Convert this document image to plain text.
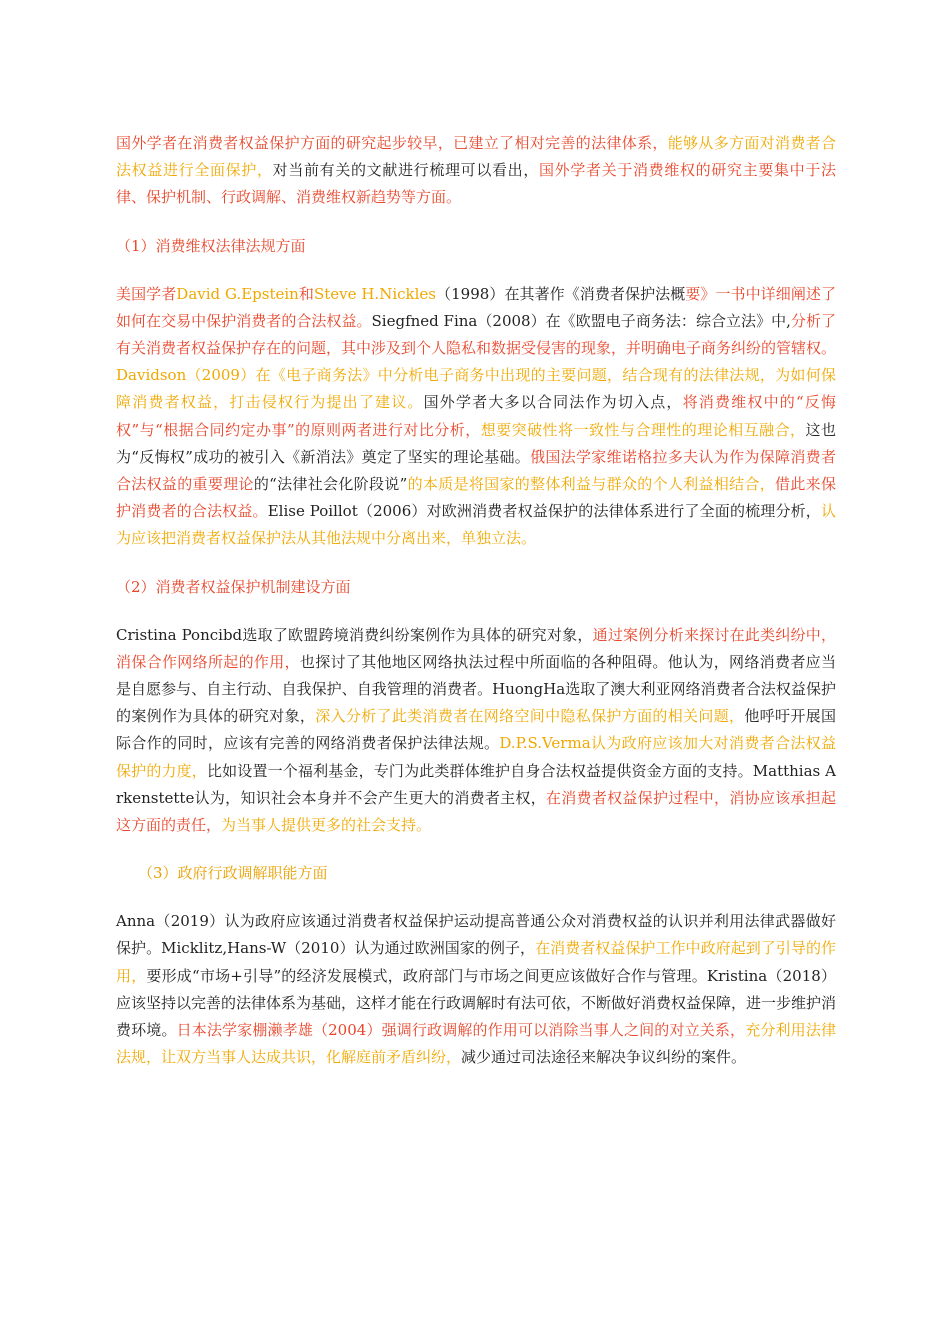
国外学者在消费者权益保护方面的研究起步较早，已建立了相对完善的法律体系，能够从多方面对消费者合法权益进行全面保护，对当前有关的文献进行梳理可以看出，国外学者关于消费维权的研究主要集中于法律、保护机制、行政调解、消费维权新趋势等方面。

（1）消费维权法律法规方面

美国学者David G.Epstein和Steve H.Nickles（1998）在其著作《消费者保护法概要》一书中详细阐述了如何在交易中保护消费者的合法权益。Siegfned Fina（2008）在《欧盟电子商务法：综合立法》中,分析了有关消费者权益保护存在的问题，其中涉及到个人隐私和数据受侵害的现象，并明确电子商务纠纷的管辖权。Davidson（2009）在《电子商务法》中分析电子商务中出现的主要问题，结合现有的法律法规，为如何保障消费者权益，打击侵权行为提出了建议。国外学者大多以合同法作为切入点，将消费维权中的“反悔权”与“根据合同约定办事”的原则两者进行对比分析，想要突破性将一致性与合理性的理论相互融合，这也为“反悔权”成功的被引入《新消法》奠定了坚实的理论基础。俄国法学家维诺格拉多夫认为作为保障消费者合法权益的重要理论的“法律社会化阶段说”的本质是将国家的整体利益与群众的个人利益相结合，借此来保护消费者的合法权益。Elise Poillot（2006）对欧洲消费者权益保护的法律体系进行了全面的梳理分析，认为应该把消费者权益保护法从其他法规中分离出来，单独立法。

（2）消费者权益保护机制建设方面

Cristina Poncibd选取了欧盟跨境消费纠纷案例作为具体的研究对象，通过案例分析来探讨在此类纠纷中，消保合作网络所起的作用，也探讨了其他地区网络执法过程中所面临的各种阻碍。他认为，网络消费者应当是自愿参与、自主行动、自我保护、自我管理的消费者。HuongHa选取了澳大利亚网络消费者合法权益保护的案例作为具体的研究对象，深入分析了此类消费者在网络空间中隐私保护方面的相关问题，他呼吁开展国际合作的同时，应该有完善的网络消费者保护法律法规。D.P.S.Verma认为政府应该加大对消费者合法权益保护的力度，比如设置一个福利基金，专门为此类群体维护自身合法权益提供资金方面的支持。Matthias Arkenstette认为，知识社会本身并不会产生更大的消费者主权，在消费者权益保护过程中，消协应该承担起这方面的责任，为当事人提供更多的社会支持。

（3）政府行政调解职能方面

Anna（2019）认为政府应该通过消费者权益保护运动提高普通公众对消费权益的认识并利用法律武器做好保护。Micklitz,Hans-W（2010）认为通过欧洲国家的例子，在消费者权益保护工作中政府起到了引导的作用，要形成“市场+引导”的经济发展模式，政府部门与市场之间更应该做好合作与管理。Kristina（2018）应该坚持以完善的法律体系为基础，这样才能在行政调解时有法可依，不断做好消费权益保障，进一步维护消费环境。日本法学家棚濑孝雄（2004）强调行政调解的作用可以消除当事人之间的对立关系，充分利用法律法规，让双方当事人达成共识，化解庭前矛盾纠纷，减少通过司法途径来解决争议纠纷的案件。
